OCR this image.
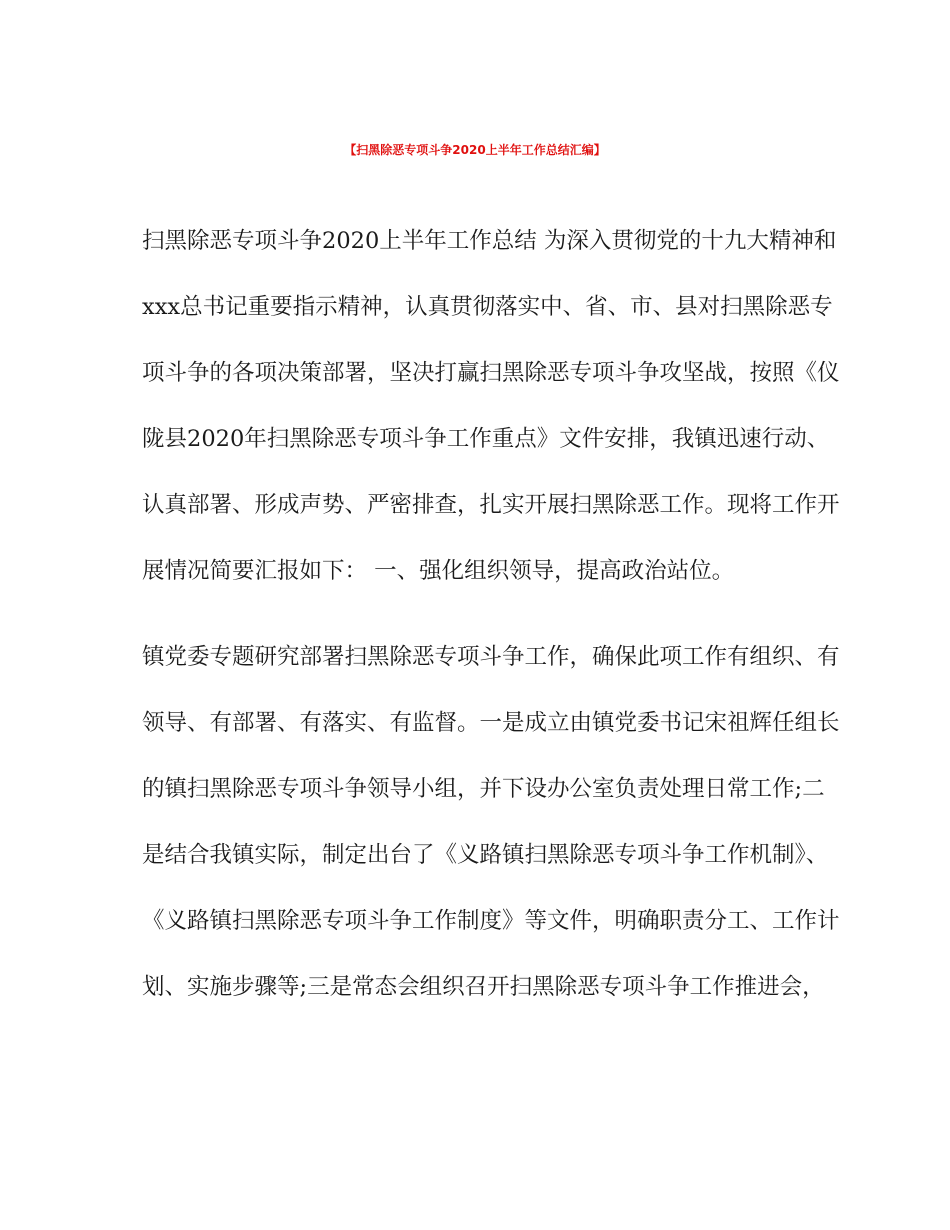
【扫黑除恶专项斗争2020上半年工作总结汇编】
扫黑除恶专项斗争2020上半年工作总结 为深入贯彻党的十九大精神和
xxx总书记重要指示精神，认真贯彻落实中、省、市、县对扫黑除恶专
项斗争的各项决策部署，坚决打赢扫黑除恶专项斗争攻坚战，按照《仪
陇县2020年扫黑除恶专项斗争工作重点》文件安排，我镇迅速行动、
认真部署、形成声势、严密排查，扎实开展扫黑除恶工作。现将工作开
展情况简要汇报如下： 一、强化组织领导，提高政治站位。
镇党委专题研究部署扫黑除恶专项斗争工作，确保此项工作有组织、有
领导、有部署、有落实、有监督。一是成立由镇党委书记宋祖辉任组长
的镇扫黑除恶专项斗争领导小组，并下设办公室负责处理日常工作;二
是结合我镇实际，制定出台了《义路镇扫黑除恶专项斗争工作机制》、
《义路镇扫黑除恶专项斗争工作制度》等文件，明确职责分工、工作计
划、实施步骤等;三是常态会组织召开扫黑除恶专项斗争工作推进会，
